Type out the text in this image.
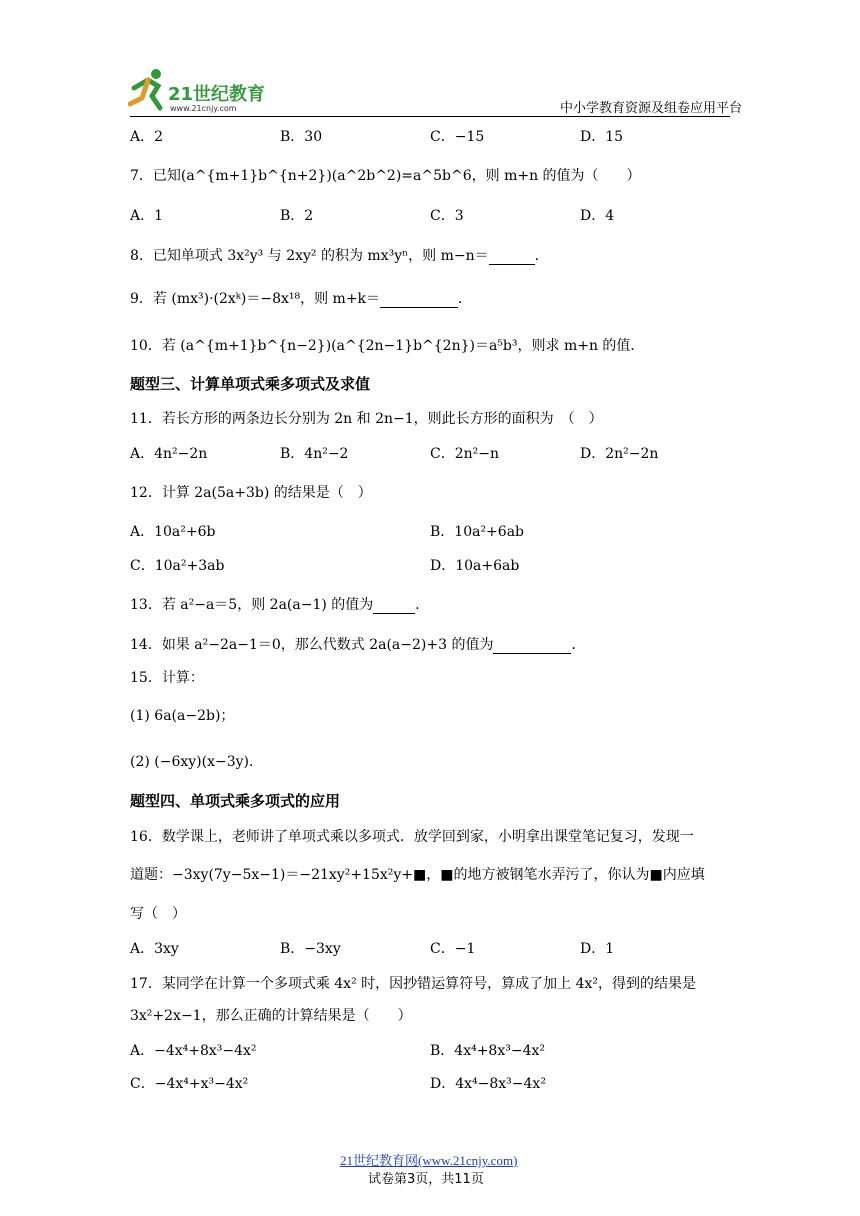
21世纪教育
www.21cnjy.com	中小学教育资源及组卷应用平台
A．2	B．30	C．−15	D．15
7．已知(a^{m+1}b^{n+2})(a^2b^2)=a^5b^6，则 m+n 的值为（　　）
A．1	B．2	C．3	D．4
8．已知单项式 3x²y³ 与 2xy² 的积为 mx³yⁿ，则 m−n＝	．
9．若 (mx³)·(2xᵏ)＝−8x¹⁸，则 m+k＝	．
10．若 (a^{m+1}b^{n−2})(a^{2n−1}b^{2n})＝a⁵b³，则求 m+n 的值．
题型三、计算单项式乘多项式及求值
11．若长方形的两条边长分别为 2n 和 2n−1，则此长方形的面积为　（　）
A．4n²−2n	B．4n²−2	C．2n²−n	D．2n²−2n
12．计算 2a(5a+3b) 的结果是（　）
A．10a²+6b	B．10a²+6ab
C．10a²+3ab	D．10a+6ab
13．若 a²−a＝5，则 2a(a−1) 的值为	．
14．如果 a²−2a−1＝0，那么代数式 2a(a−2)+3 的值为	．
15．计算：
(1) 6a(a−2b)；
(2) (−6xy)(x−3y)．
题型四、单项式乘多项式的应用
16．数学课上，老师讲了单项式乘以多项式．放学回到家，小明拿出课堂笔记复习，发现一
道题：−3xy(7y−5x−1)＝−21xy²+15x²y+■，■的地方被钢笔水弄污了，你认为■内应填
写（　）
A．3xy	B．−3xy	C．−1	D．1
17．某同学在计算一个多项式乘 4x² 时，因抄错运算符号，算成了加上 4x²，得到的结果是
3x²+2x−1，那么正确的计算结果是（　　）
A．−4x⁴+8x³−4x²	B．4x⁴+8x³−4x²
C．−4x⁴+x³−4x²	D．4x⁴−8x³−4x²
21世纪教育网(www.21cnjy.com)
试卷第3页，共11页
